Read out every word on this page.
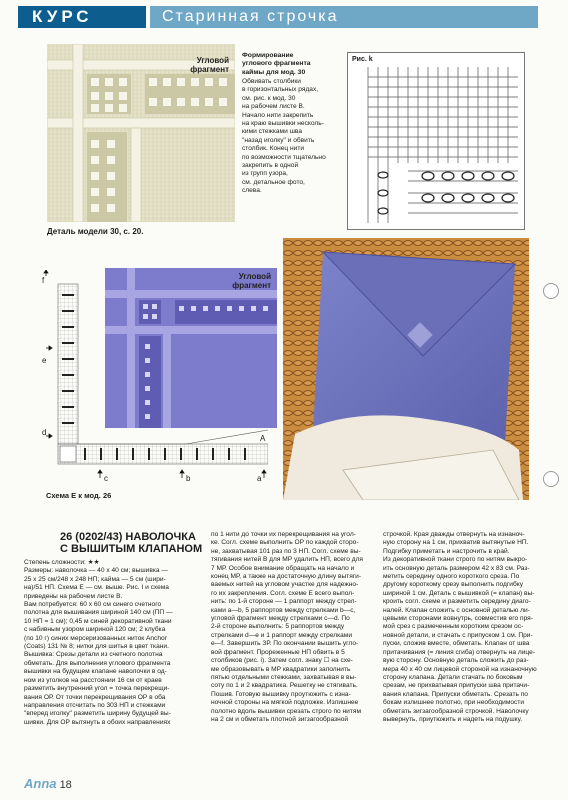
КУРС	Старинная строчка
Угловой
фрагмент
Деталь модели 30, с. 20.
Формирование
углового фрагмента
каймы для мод. 30
Обвивать столбики
в горизонтальных рядах,
см. рис. к мод. 30
на рабочем листе В.
Начало нити закрепить
на краю вышивки несколь-
кими стежками шва
"назад иголку" и обвить
столбик. Конец нити
по возможности тщательно
закрепить в одной
из групп узора,
см. детальное фото,
слева.
Рис. k
f
e
d
c	b	a
A
Угловой
фрагмент
Схема Е к мод. 26
26 (0202/43) НАВОЛОЧКА
С ВЫШИТЫМ КЛАПАНОМ
Степень сложности: ★★
Размеры: наволочка — 40 х 40 см; вышивка —
25 х 25 см/248 х 248 НП; кайма — 5 см (шири-
на)/51 НП. Схема Е — см. выше. Рис. I и схема
приведены на рабочем листе В.
Вам потребуется: 60 х 60 см синего счетного
полотна для вышивания шириной 140 см (ПП —
10 НП = 1 см); 0,45 м синей декоративной ткани
с набивным узором шириной 120 см; 2 клубка
(по 10 г) синих мерсеризованных ниток Anchor
(Coats) 131 № 8; нитки для шитья в цвет ткани.
Вышивка: Срезы детали из счетного полотна
обметать. Для выполнения углового фрагмента
вышивки на будущем клапане наволочки в од-
ном из уголков на расстоянии 16 см от краев
разметить внутренний угол = точка перекрещи-
вания ОР. От точки перекрещивания ОР в оба
направления отсчитать по 303 НП и стежками
"вперед иголку" разметить ширину будущей вы-
шивки. Для ОР вытянуть в обоих направлениях
по 1 нити до точки их перекрещивания на угол-
ке. Согл. схеме выполнить ОР по каждой сторо-
не, захватывая 101 раз по 3 НП. Согл. схеме вы-
тягивания нитей В для МР удалить НП, всего для
7 МР. Особое внимание обращать на начало и
конец МР, а также на достаточную длину вытяги-
ваемых нитей на угловом участке для надежно-
го их закрепления. Согл. схеме Е всего выпол-
нить: по 1-й стороне — 1 раппорт между стрел-
ками а—b, 5 раппортов между стрелками b—c,
угловой фрагмент между стрелками c—d. По
2-й стороне выполнить: 5 раппортов между
стрелками d—e и 1 раппорт между стрелками
e—f. Завершить ЗР. По окончании вышить угло-
вой фрагмент. Прореженные НП обвить в 5
столбиков (рис. i). Затем согл. знаку ☐ на схе-
ме образовывать в МР квадратики заполнить
пятью отдельными стежками, захватывая в вы-
соту по 1 и 2 квадратика. Решетку не стягивать.
Пошив. Готовую вышивку проутюжить с изна-
ночной стороны на мягкой подложке. Излишнее
полотно вдоль вышивки срезать строго по нитям
на 2 см и обметать плотной зигзагообразной
строчкой. Края дважды отвернуть на изнаноч-
ную сторону на 1 см, прихватив вытянутые НП.
Подгибку приметать и настрочить в край.
Из декоративной ткани строго по нитям выкро-
ить основную деталь размером 42 х 83 см. Раз-
метить середину одного короткого среза. По
другому короткому срезу выполнить подгибку
шириной 1 см. Деталь с вышивкой (= клапан) вы-
кроить согл. схеме и разметить середину диаго-
налей. Клапан сложить с основной деталью ли-
цевыми сторонами вовнутрь, совместив его пря-
мой срез с размеченным коротким срезом ос-
новной детали, и стачать с припуском 1 см. При-
пуски, сложив вместе, обметать. Клапан от шва
притачивания (= линия сгиба) отвернуть на лице-
вую сторону. Основную деталь сложить до раз-
мера 40 х 40 см лицевой стороной на изнаночную
сторону клапана. Детали стачать по боковым
срезам, не прихватывая припуски шва притачи-
вания клапана. Припуски обметать. Срезать по
бокам излишнее полотно, при необходимости
обметать зигзагообразной строчкой. Наволочку
вывернуть, приутюжить и надеть на подушку.
Anna 18
